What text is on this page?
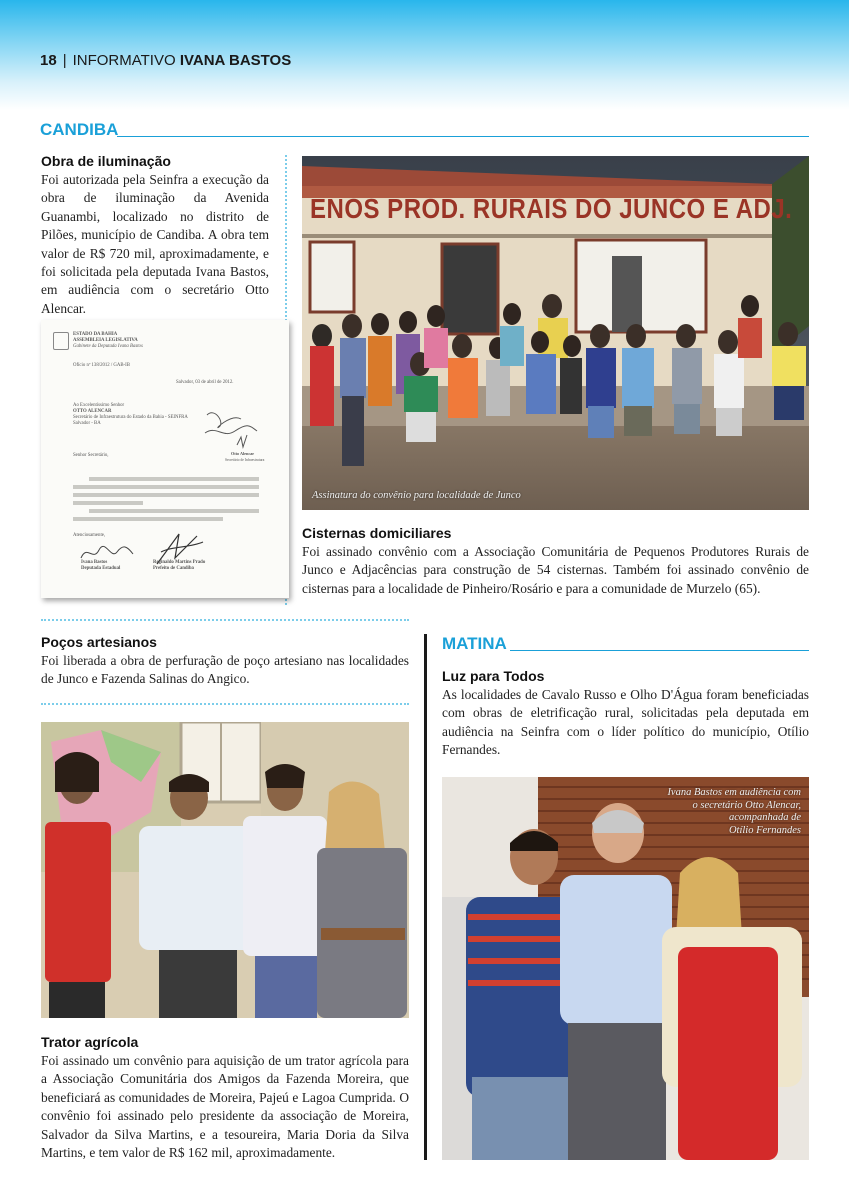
18 | INFORMATIVO IVANA BASTOS
CANDIBA
Obra de iluminação
Foi autorizada pela Seinfra a execução da obra de iluminação da Avenida Guanambi, localizado no distrito de Pilões, município de Candiba. A obra tem valor de R$ 720 mil, aproximadamente, e foi solicitada pela deputada Ivana Bastos, em audiência com o secretário Otto Alencar.
ESTADO DA BAHIA
ASSEMBLEIA LEGISLATIVA
Gabinete da Deputada Ivana Bastos
Ofício nº 138/2012 / GAB-IB
Salvador, 03 de abril de 2012.
Ao Excelentíssimo Senhor
OTTO ALENCAR
Secretário de Infraestrutura do Estado da Bahia - SEINFRA
Salvador - BA
Senhor Secretário,
Atenciosamente,
Otto Alencar
Secretário de Infraestrutura
Ivana Bastos
Deputada Estadual
Reginaldo Martins Prado
Prefeito de Candiba
ENOS PROD. RURAIS DO JUNCO E ADJ.
Assinatura do convênio para localidade de Junco
Cisternas domiciliares
Foi assinado convênio com a Associação Comunitária de Pequenos Produtores Rurais de Junco e Adjacências para construção de 54 cisternas. Também foi assinado convênio de cisternas para a localidade de Pinheiro/Rosário e para a comunidade de Murzelo (65).
Poços artesianos
Foi liberada a obra de perfuração de poço artesiano nas localidades de Junco e Fazenda Salinas do Angico.
Trator agrícola
Foi assinado um convênio para aquisição de um trator agrícola para a Associação Comunitária dos Amigos da Fazenda Moreira, que beneficiará as comunidades de Moreira, Pajeú e Lagoa Cumprida. O convênio foi assinado pelo presidente da associação de Moreira, Salvador da Silva Martins, e a tesoureira, Maria Doria da Silva Martins, e tem valor de R$ 162 mil, aproximadamente.
MATINA
Luz para Todos
As localidades de Cavalo Russo e Olho D'Água foram beneficiadas com obras de eletrificação rural, solicitadas pela deputada em audiência na Seinfra com o líder político do município, Otílio Fernandes.
Ivana Bastos em audiência com
o secretário Otto Alencar,
acompanhada de
Otílio Fernandes
